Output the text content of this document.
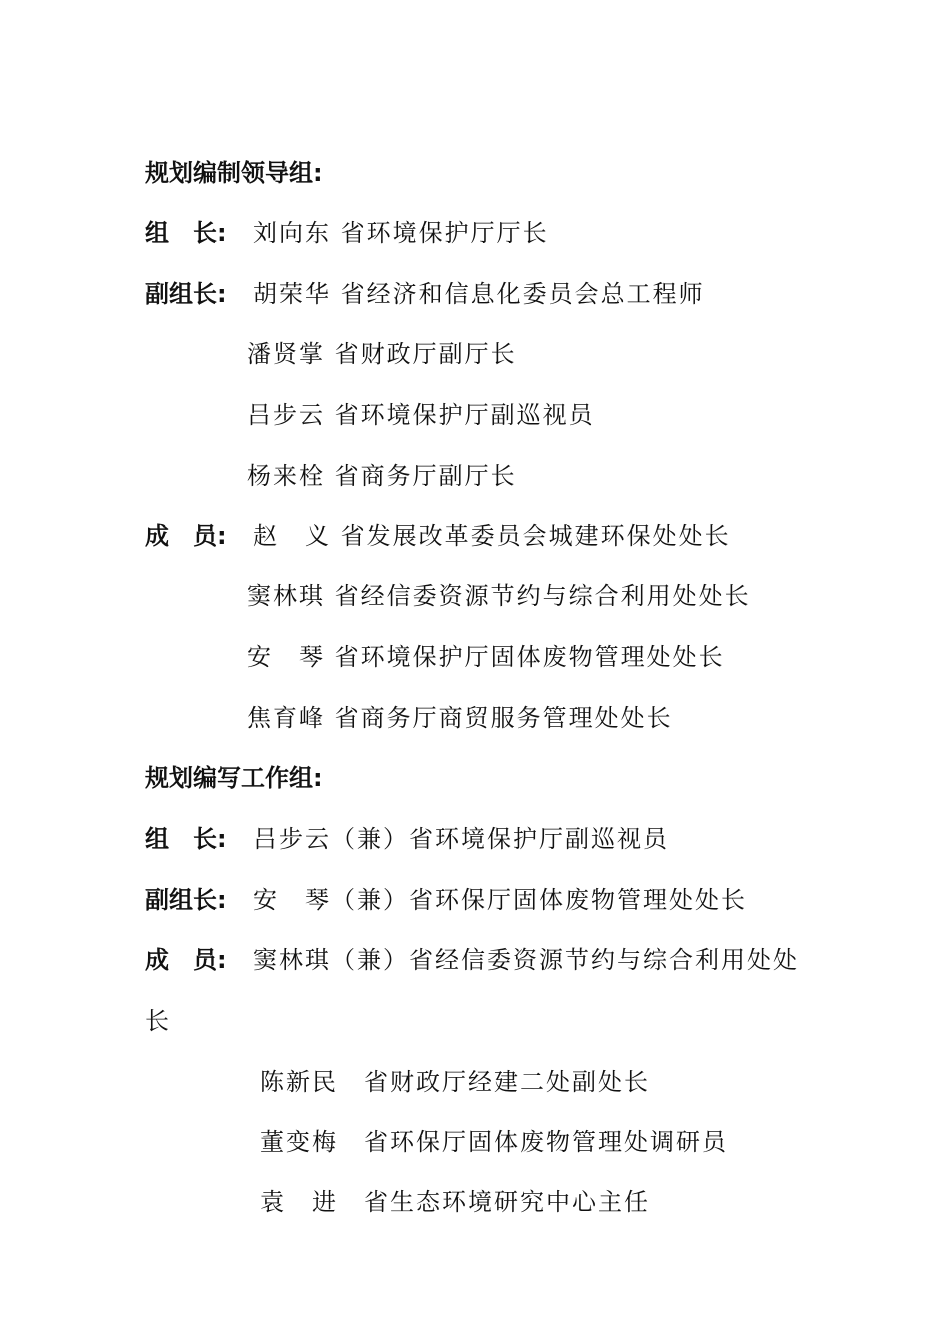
规划编制领导组:
组　长: 刘向东 省环境保护厅厅长
副组长: 胡荣华 省经济和信息化委员会总工程师
潘贤掌 省财政厅副厅长
吕步云 省环境保护厅副巡视员
杨来栓 省商务厅副厅长
成　员: 赵　义 省发展改革委员会城建环保处处长
窦林琪 省经信委资源节约与综合利用处处长
安　琴 省环境保护厅固体废物管理处处长
焦育峰 省商务厅商贸服务管理处处长
规划编写工作组:
组　长: 吕步云（兼）省环境保护厅副巡视员
副组长: 安　琴（兼）省环保厅固体废物管理处处长
成　员: 窦林琪（兼）省经信委资源节约与综合利用处处
长
陈新民　省财政厅经建二处副处长
董变梅　省环保厅固体废物管理处调研员
袁　进　省生态环境研究中心主任
